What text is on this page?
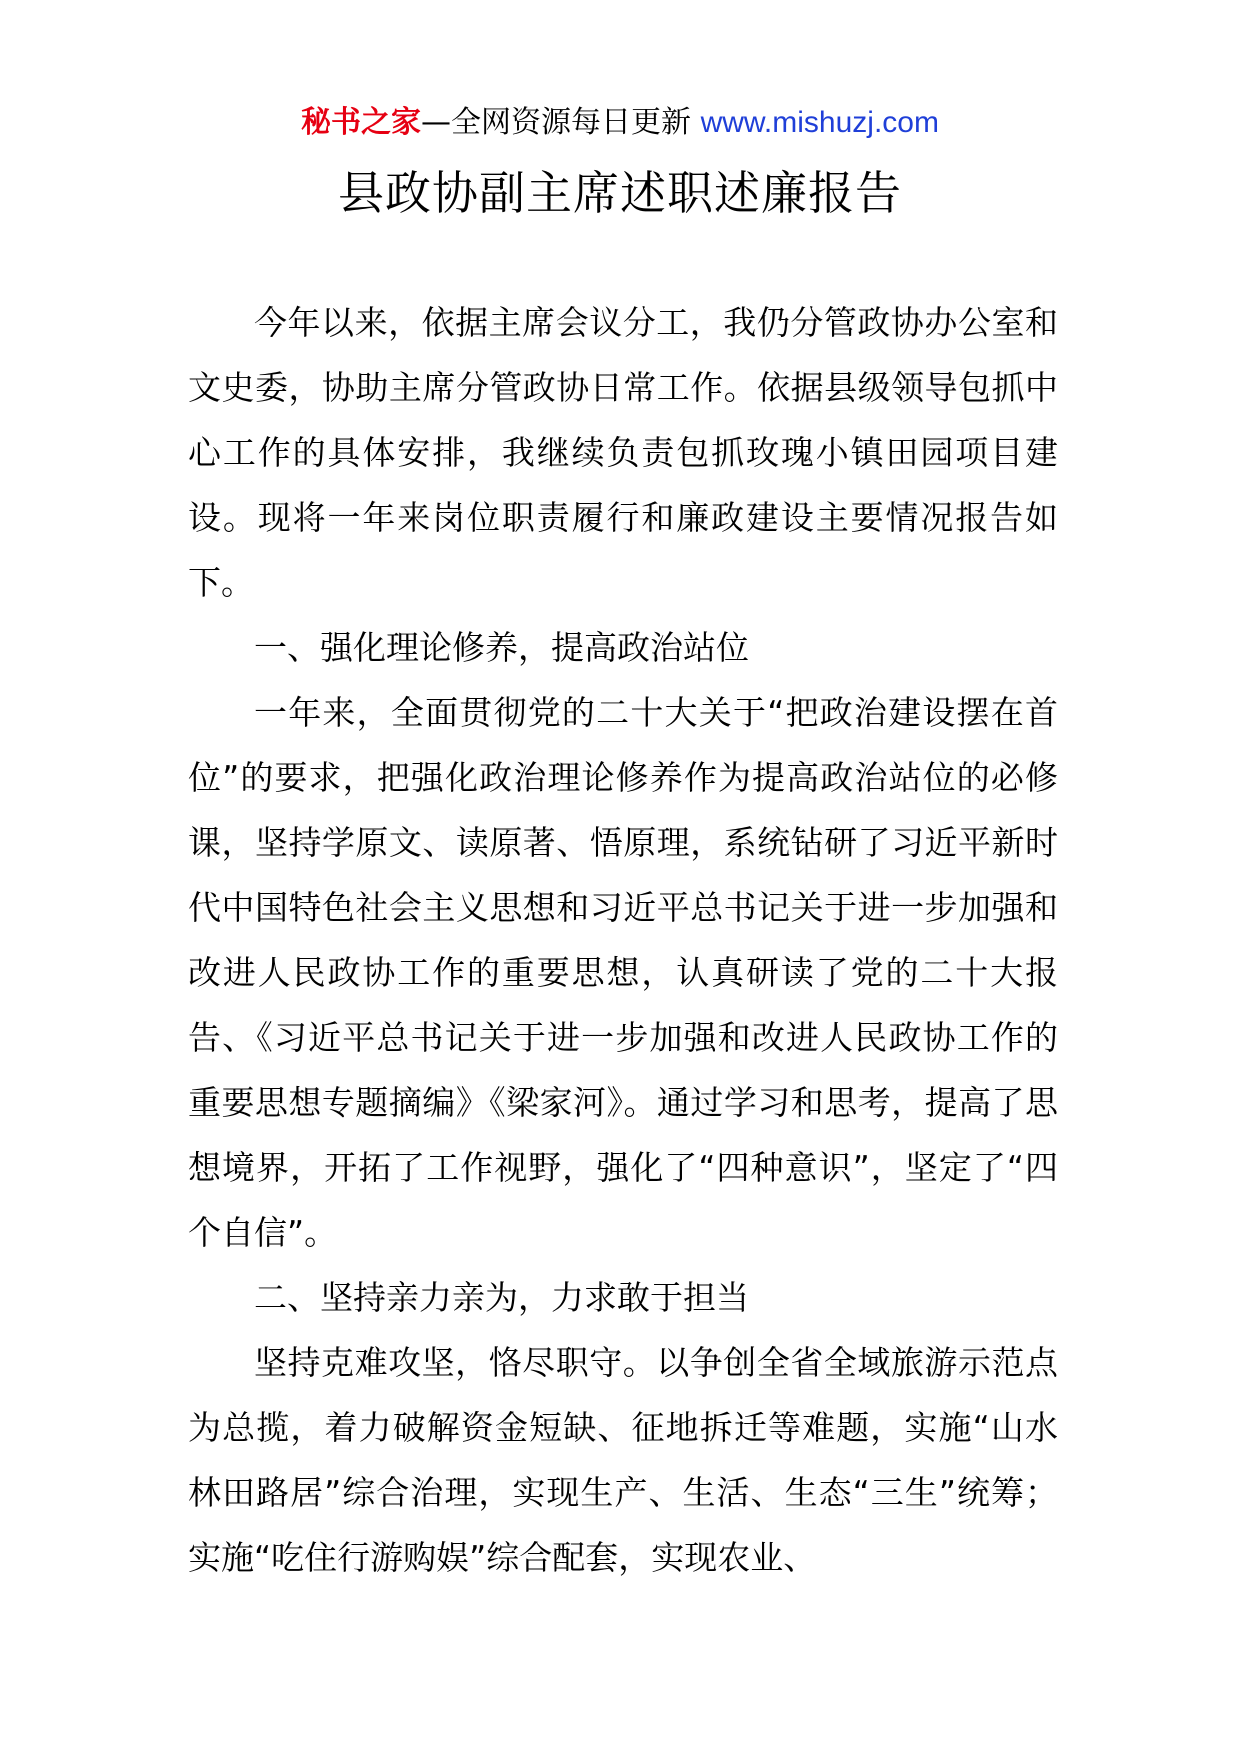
秘书之家—全网资源每日更新 www.mishuzj.com
县政协副主席述职述廉报告

今年以来，依据主席会议分工，我仍分管政协办公室和文史委，协助主席分管政协日常工作。依据县级领导包抓中心工作的具体安排，我继续负责包抓玫瑰小镇田园项目建设。现将一年来岗位职责履行和廉政建设主要情况报告如下。

一、强化理论修养，提高政治站位

一年来，全面贯彻党的二十大关于“把政治建设摆在首位”的要求，把强化政治理论修养作为提高政治站位的必修课，坚持学原文、读原著、悟原理，系统钻研了习近平新时代中国特色社会主义思想和习近平总书记关于进一步加强和改进人民政协工作的重要思想，认真研读了党的二十大报告、《习近平总书记关于进一步加强和改进人民政协工作的重要思想专题摘编》《梁家河》。通过学习和思考，提高了思想境界，开拓了工作视野，强化了“四种意识”，坚定了“四个自信”。

二、坚持亲力亲为，力求敢于担当

坚持克难攻坚，恪尽职守。以争创全省全域旅游示范点为总揽，着力破解资金短缺、征地拆迁等难题，实施“山水林田路居”综合治理，实现生产、生活、生态“三生”统筹；实施“吃住行游购娱”综合配套，实现农业、
